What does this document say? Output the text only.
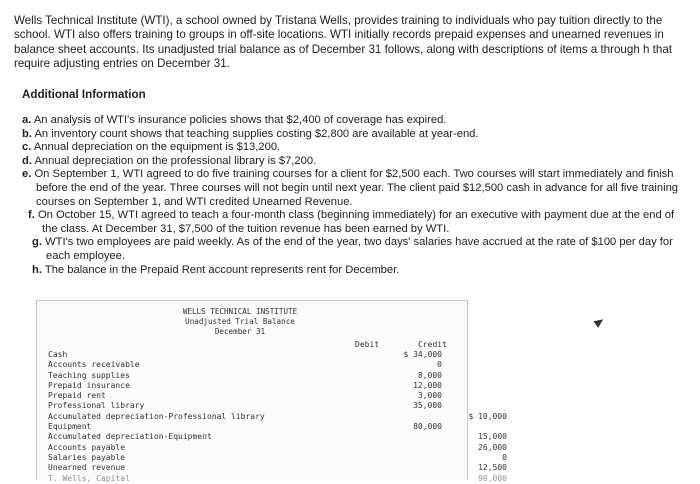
Wells Technical Institute (WTI), a school owned by Tristana Wells, provides training to individuals who pay tuition directly to the school. WTI also offers training to groups in off-site locations. WTI initially records prepaid expenses and unearned revenues in balance sheet accounts. Its unadjusted trial balance as of December 31 follows, along with descriptions of items a through h that require adjusting entries on December 31.
Additional Information

a. An analysis of WTI's insurance policies shows that $2,400 of coverage has expired.

b. An inventory count shows that teaching supplies costing $2,800 are available at year-end.

c. Annual depreciation on the equipment is $13,200.

d. Annual depreciation on the professional library is $7,200.

e. On September 1, WTI agreed to do five training courses for a client for $2,500 each. Two courses will start immediately and finish before the end of the year. Three courses will not begin until next year. The client paid $12,500 cash in advance for all five training courses on September 1, and WTI credited Unearned Revenue.

f. On October 15, WTI agreed to teach a four-month class (beginning immediately) for an executive with payment due at the end of the class. At December 31, $7,500 of the tuition revenue has been earned by WTI.

g. WTI's two employees are paid weekly. As of the end of the year, two days' salaries have accrued at the rate of $100 per day for each employee.

h. The balance in the Prepaid Rent account represents rent for December.

WELLS TECHNICAL INSTITUTE
Unadjusted Trial Balance
December 31
Debit	Credit
Cash	$ 34,000
Accounts receivable	0
Teaching supplies	8,000
Prepaid insurance	12,000
Prepaid rent	3,000
Professional library	35,000
Accumulated depreciation-Professional library	$ 10,000
Equipment	80,000
Accumulated depreciation-Equipment	15,000
Accounts payable	26,000
Salaries payable	0
Unearned revenue	12,500
T. Wells, Capital	90,000
